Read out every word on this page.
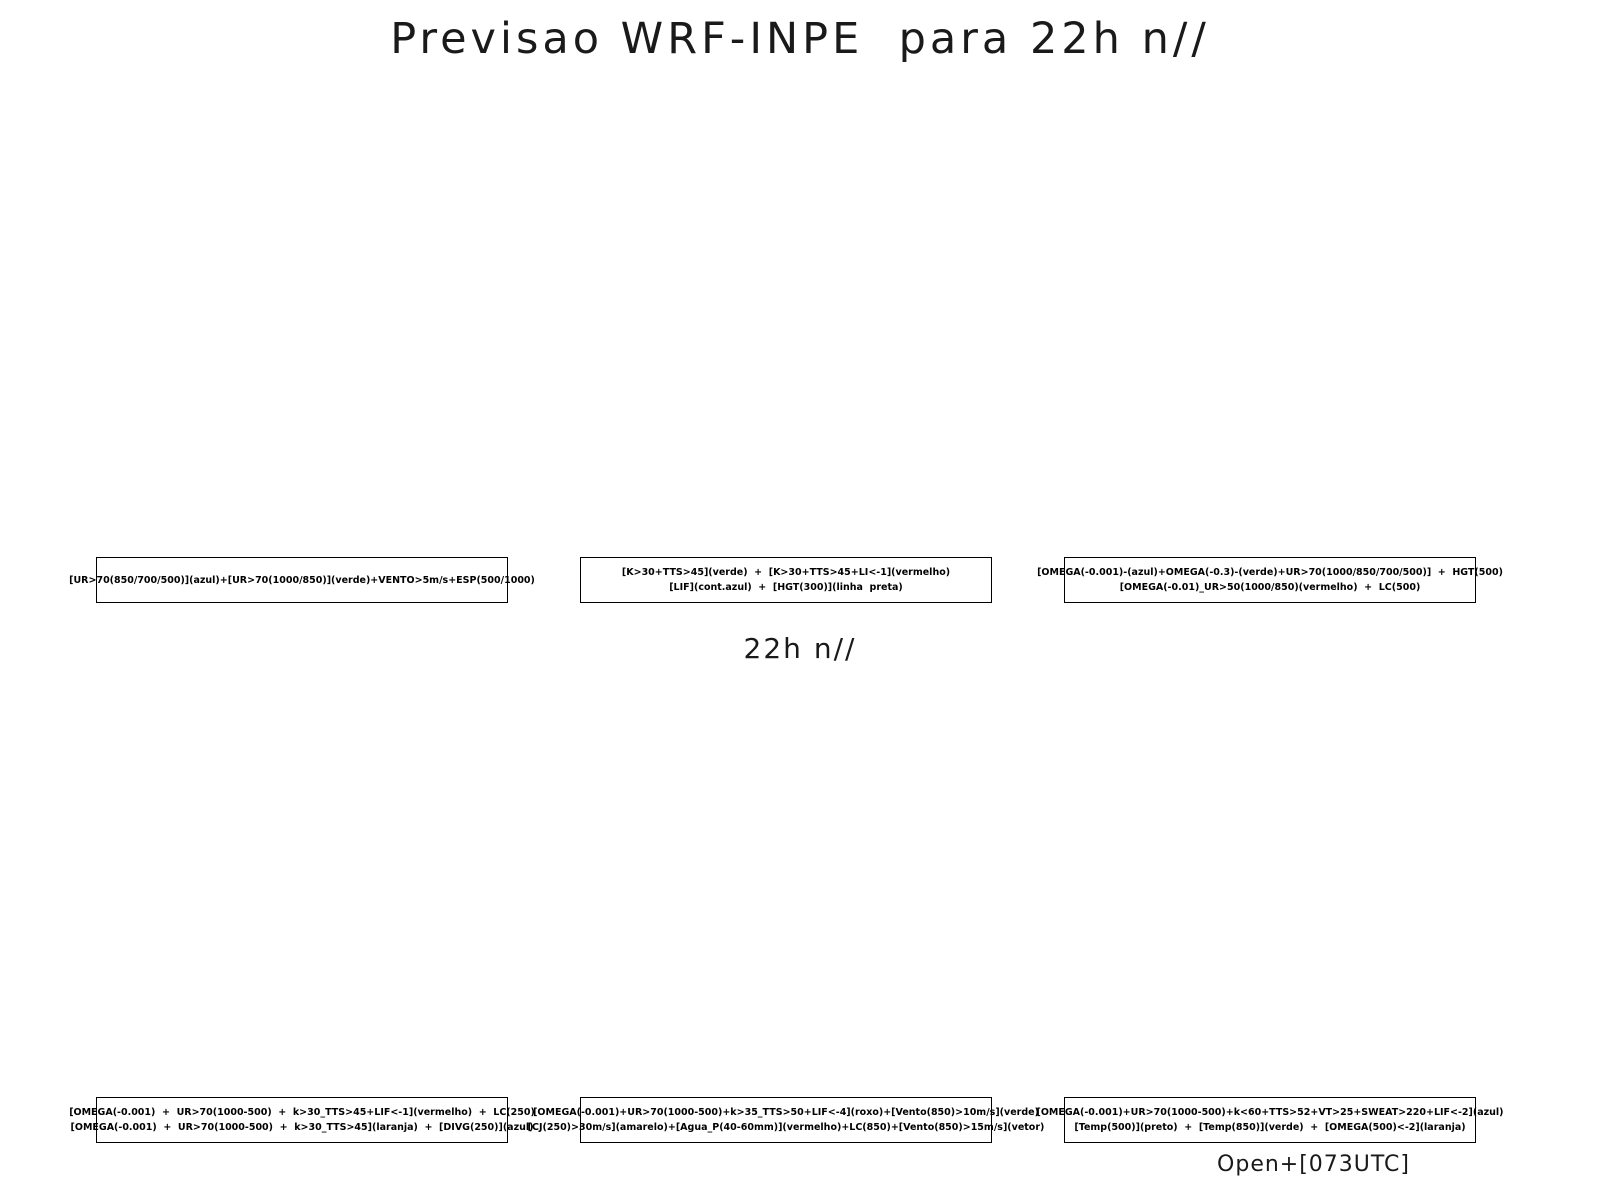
Previsao WRF-INPE  para 22h n//
[UR>70(850/700/500)](azul)+[UR>70(1000/850)](verde)+VENTO>5m/s+ESP(500/1000)
[K>30+TTS>45](verde)  +  [K>30+TTS>45+LI<-1](vermelho)
[LIF](cont.azul)  +  [HGT(300)](linha  preta)
[OMEGA(-0.001)-(azul)+OMEGA(-0.3)-(verde)+UR>70(1000/850/700/500)]  +  HGT(500)
[OMEGA(-0.01)_UR>50(1000/850)(vermelho)  +  LC(500)
22h n//
[OMEGA(-0.001)  +  UR>70(1000-500)  +  k>30_TTS>45+LIF<-1](vermelho)  +  LC(250)
[OMEGA(-0.001)  +  UR>70(1000-500)  +  k>30_TTS>45](laranja)  +  [DIVG(250)](azul)
[OMEGA(-0.001)+UR>70(1000-500)+k>35_TTS>50+LIF<-4](roxo)+[Vento(850)>10m/s](verde)
[CJ(250)>30m/s](amarelo)+[Agua_P(40-60mm)](vermelho)+LC(850)+[Vento(850)>15m/s](vetor)
[OMEGA(-0.001)+UR>70(1000-500)+k<60+TTS>52+VT>25+SWEAT>220+LIF<-2](azul)
[Temp(500)](preto)  +  [Temp(850)](verde)  +  [OMEGA(500)<-2](laranja)
Open+[073UTC]
